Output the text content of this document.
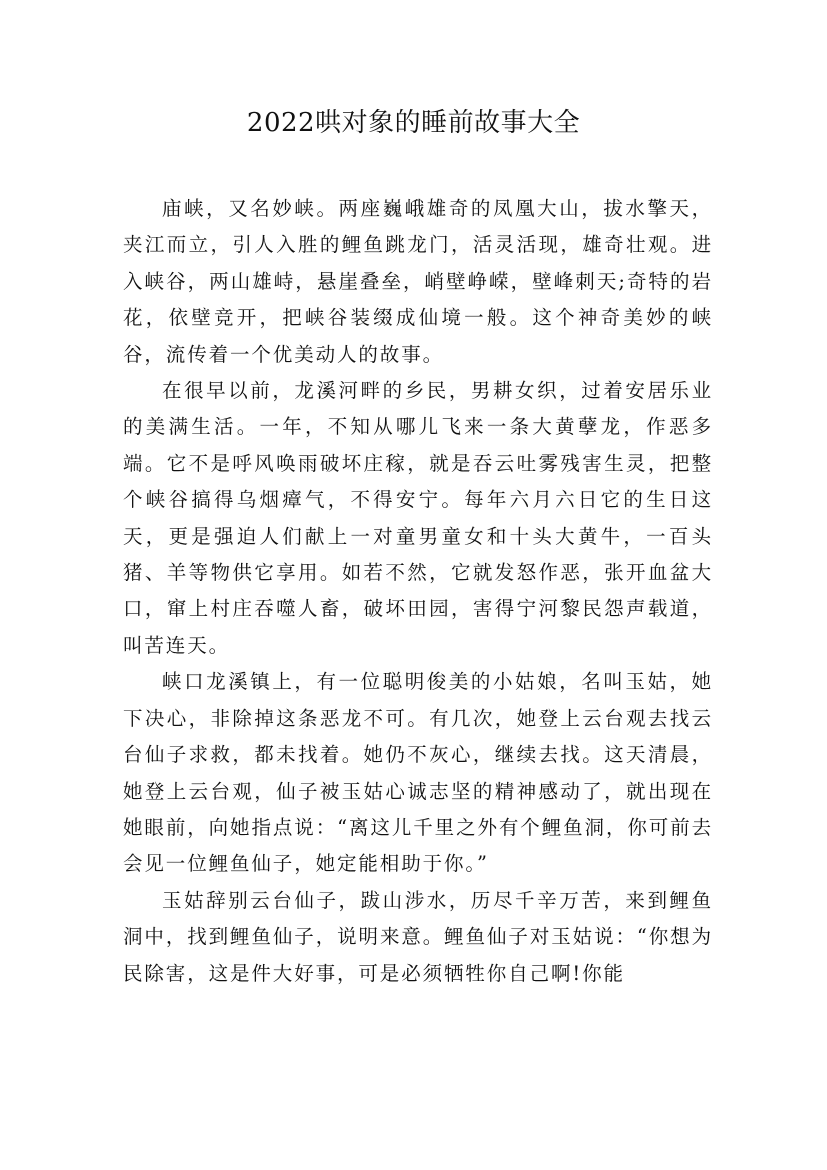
2022哄对象的睡前故事大全

庙峡，又名妙峡。两座巍峨雄奇的凤凰大山，拔水擎天，夹江而立，引人入胜的鲤鱼跳龙门，活灵活现，雄奇壮观。进入峡谷，两山雄峙，悬崖叠垒，峭壁峥嵘，壁峰刺天;奇特的岩花，依壁竞开，把峡谷装缀成仙境一般。这个神奇美妙的峡谷，流传着一个优美动人的故事。

在很早以前，龙溪河畔的乡民，男耕女织，过着安居乐业的美满生活。一年，不知从哪儿飞来一条大黄孽龙，作恶多端。它不是呼风唤雨破坏庄稼，就是吞云吐雾残害生灵，把整个峡谷搞得乌烟瘴气，不得安宁。每年六月六日它的生日这天，更是强迫人们献上一对童男童女和十头大黄牛，一百头猪、羊等物供它享用。如若不然，它就发怒作恶，张开血盆大口，窜上村庄吞噬人畜，破坏田园，害得宁河黎民怨声载道，叫苦连天。

峡口龙溪镇上，有一位聪明俊美的小姑娘，名叫玉姑，她下决心，非除掉这条恶龙不可。有几次，她登上云台观去找云台仙子求救，都未找着。她仍不灰心，继续去找。这天清晨，她登上云台观，仙子被玉姑心诚志坚的精神感动了，就出现在她眼前，向她指点说：“离这儿千里之外有个鲤鱼洞，你可前去会见一位鲤鱼仙子，她定能相助于你。”

玉姑辞别云台仙子，跋山涉水，历尽千辛万苦，来到鲤鱼洞中，找到鲤鱼仙子，说明来意。鲤鱼仙子对玉姑说：“你想为民除害，这是件大好事，可是必须牺牲你自己啊!你能
